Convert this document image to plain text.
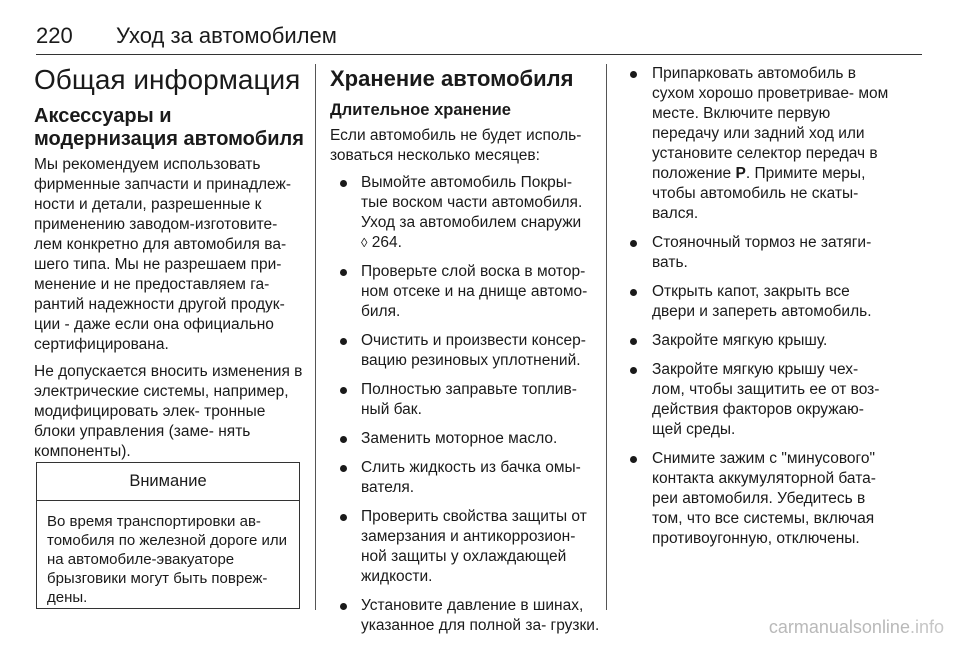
220 Уход за автомобилем
Общая информация
Аксессуары и модернизация автомобиля

Мы рекомендуем использовать фирменные запчасти и принадлеж- ности и детали, разрешенные к применению заводом-изготовите- лем конкретно для автомобиля ва- шего типа. Мы не разрешаем при- менение и не предоставляем га- рантий надежности другой продук- ции - даже если она официально сертифицирована.

Не допускается вносить изменения в электрические системы, например, модифицировать элек- тронные блоки управления (заме- нять компоненты).

Внимание
Во время транспортировки ав- томобиля по железной дороге или на автомобиле-эвакуаторе брызговики могут быть повреж- дены.
Хранение автомобиля
Длительное хранение

Если автомобиль не будет исполь- зоваться несколько месяцев:

Вымойте автомобиль Покры- тые воском части автомобиля. Уход за автомобилем снаружи
◊ 264.
Проверьте слой воска в мотор- ном отсеке и на днище автомо- биля.
Очистить и произвести консер- вацию резиновых уплотнений.
Полностью заправьте топлив- ный бак.
Заменить моторное масло.
Слить жидкость из бачка омы- вателя.
Проверить свойства защиты от замерзания и антикоррозион- ной защиты у охлаждающей жидкости.
Установите давление в шинах, указанное для полной за- грузки.
Припарковать автомобиль в сухом хорошо проветривае- мом месте. Включите первую передачу или задний ход или установите селектор передач в положение P. Примите меры, чтобы автомобиль не скаты- вался.
Стояночный тормоз не затяги- вать.
Открыть капот, закрыть все двери и запереть автомобиль.
Закройте мягкую крышу.
Закройте мягкую крышу чех- лом, чтобы защитить ее от воз- действия факторов окружаю- щей среды.
Снимите зажим с "минусового" контакта аккумуляторной бата- реи автомобиля. Убедитесь в том, что все системы, включая противоугонную, отключены.
carmanualsonline.info
